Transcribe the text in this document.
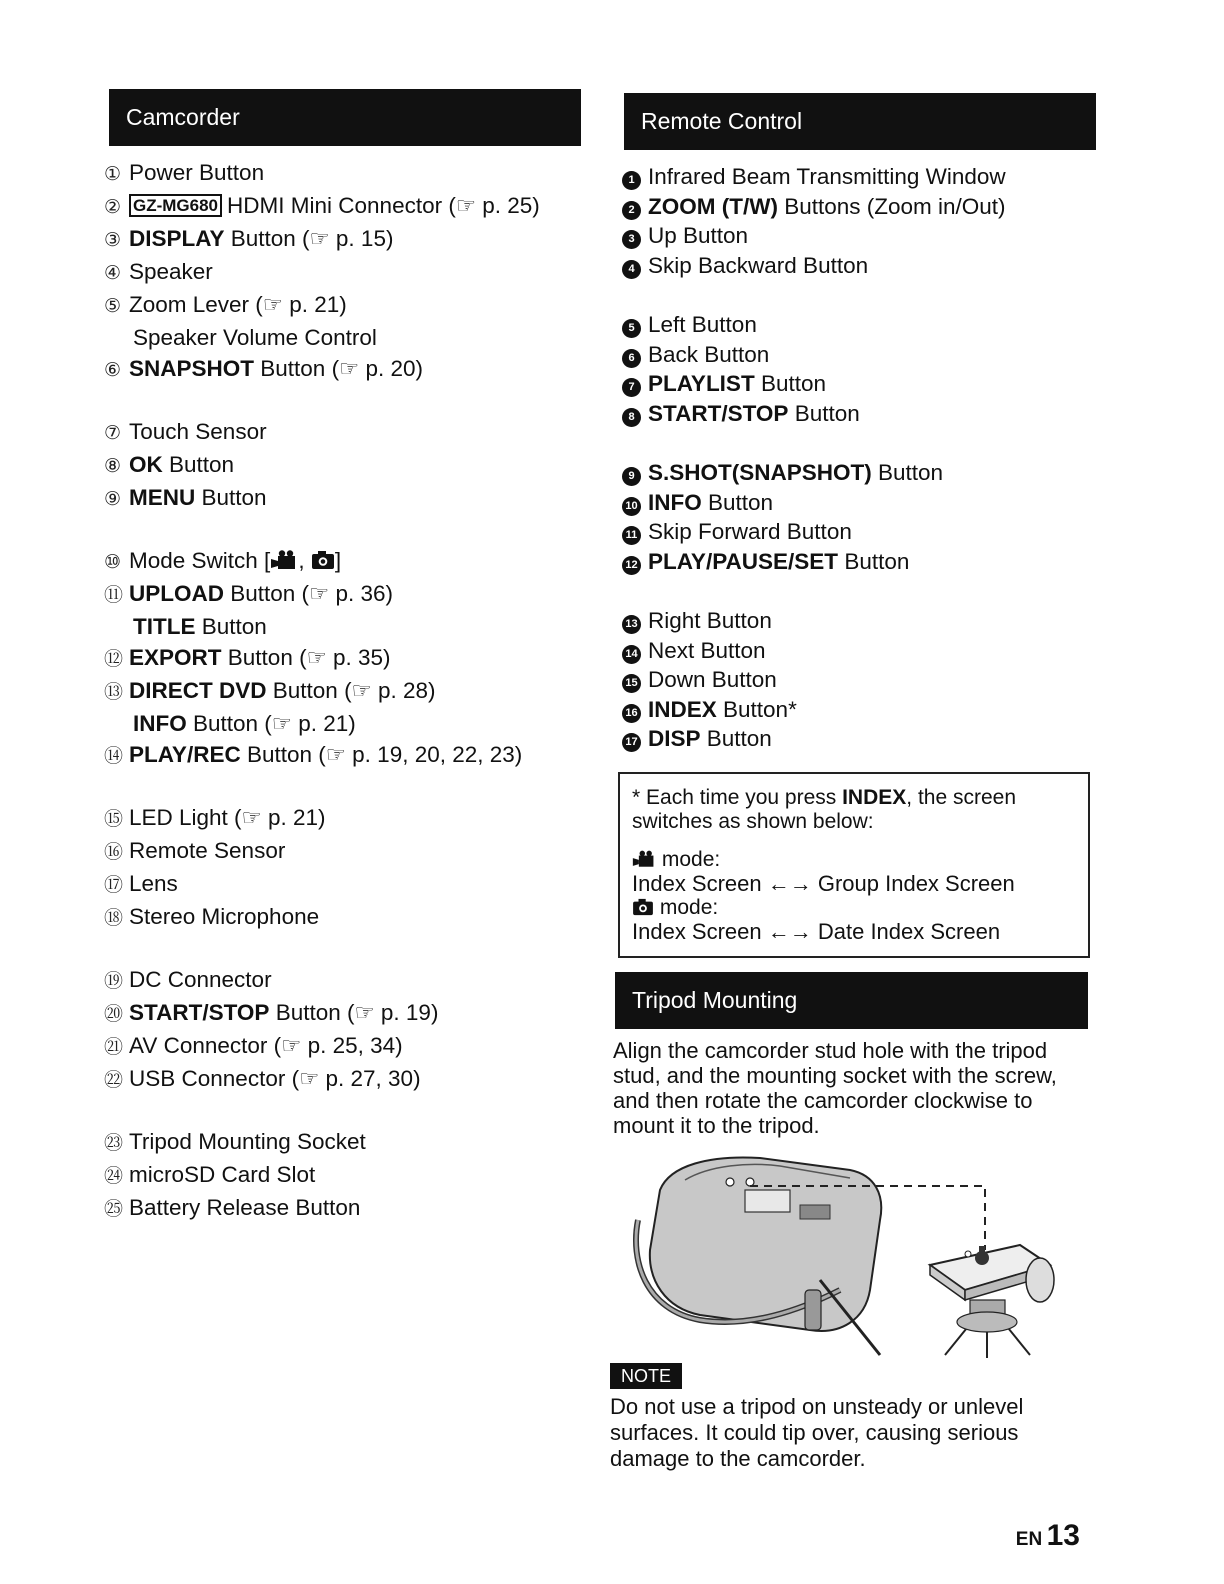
Camcorder
① Power Button
② GZ-MG680 HDMI Mini Connector (☞ p. 25)
③ DISPLAY Button (☞ p. 15)
④ Speaker
⑤ Zoom Lever (☞ p. 21)
Speaker Volume Control
⑥ SNAPSHOT Button (☞ p. 20)
⑦ Touch Sensor
⑧ OK Button
⑨ MENU Button
⑩ Mode Switch [ , ]
⑪ UPLOAD Button (☞ p. 36)
TITLE Button
⑫ EXPORT Button (☞ p. 35)
⑬ DIRECT DVD Button (☞ p. 28)
INFO Button (☞ p. 21)
⑭ PLAY/REC Button (☞ p. 19, 20, 22, 23)
⑮ LED Light (☞ p. 21)
⑯ Remote Sensor
⑰ Lens
⑱ Stereo Microphone
⑲ DC Connector
⑳ START/STOP Button (☞ p. 19)
㉑ AV Connector (☞ p. 25, 34)
㉒ USB Connector (☞ p. 27, 30)
㉓ Tripod Mounting Socket
㉔ microSD Card Slot
㉕ Battery Release Button
Remote Control
1 Infrared Beam Transmitting Window
2 ZOOM (T/W) Buttons (Zoom in/Out)
3 Up Button
4 Skip Backward Button
5 Left Button
6 Back Button
7 PLAYLIST Button
8 START/STOP Button
9 S.SHOT(SNAPSHOT) Button
10 INFO Button
11 Skip Forward Button
12 PLAY/PAUSE/SET Button
13 Right Button
14 Next Button
15 Down Button
16 INDEX Button*
17 DISP Button
* Each time you press INDEX, the screen
switches as shown below:
mode:
Index Screen ←→ Group Index Screen
mode:
Index Screen ←→ Date Index Screen
Tripod Mounting
Align the camcorder stud hole with the tripod stud, and the mounting socket with the screw, and then rotate the camcorder clockwise to mount it to the tripod.
NOTE
Do not use a tripod on unsteady or unlevel surfaces. It could tip over, causing serious damage to the camcorder.
EN 13
